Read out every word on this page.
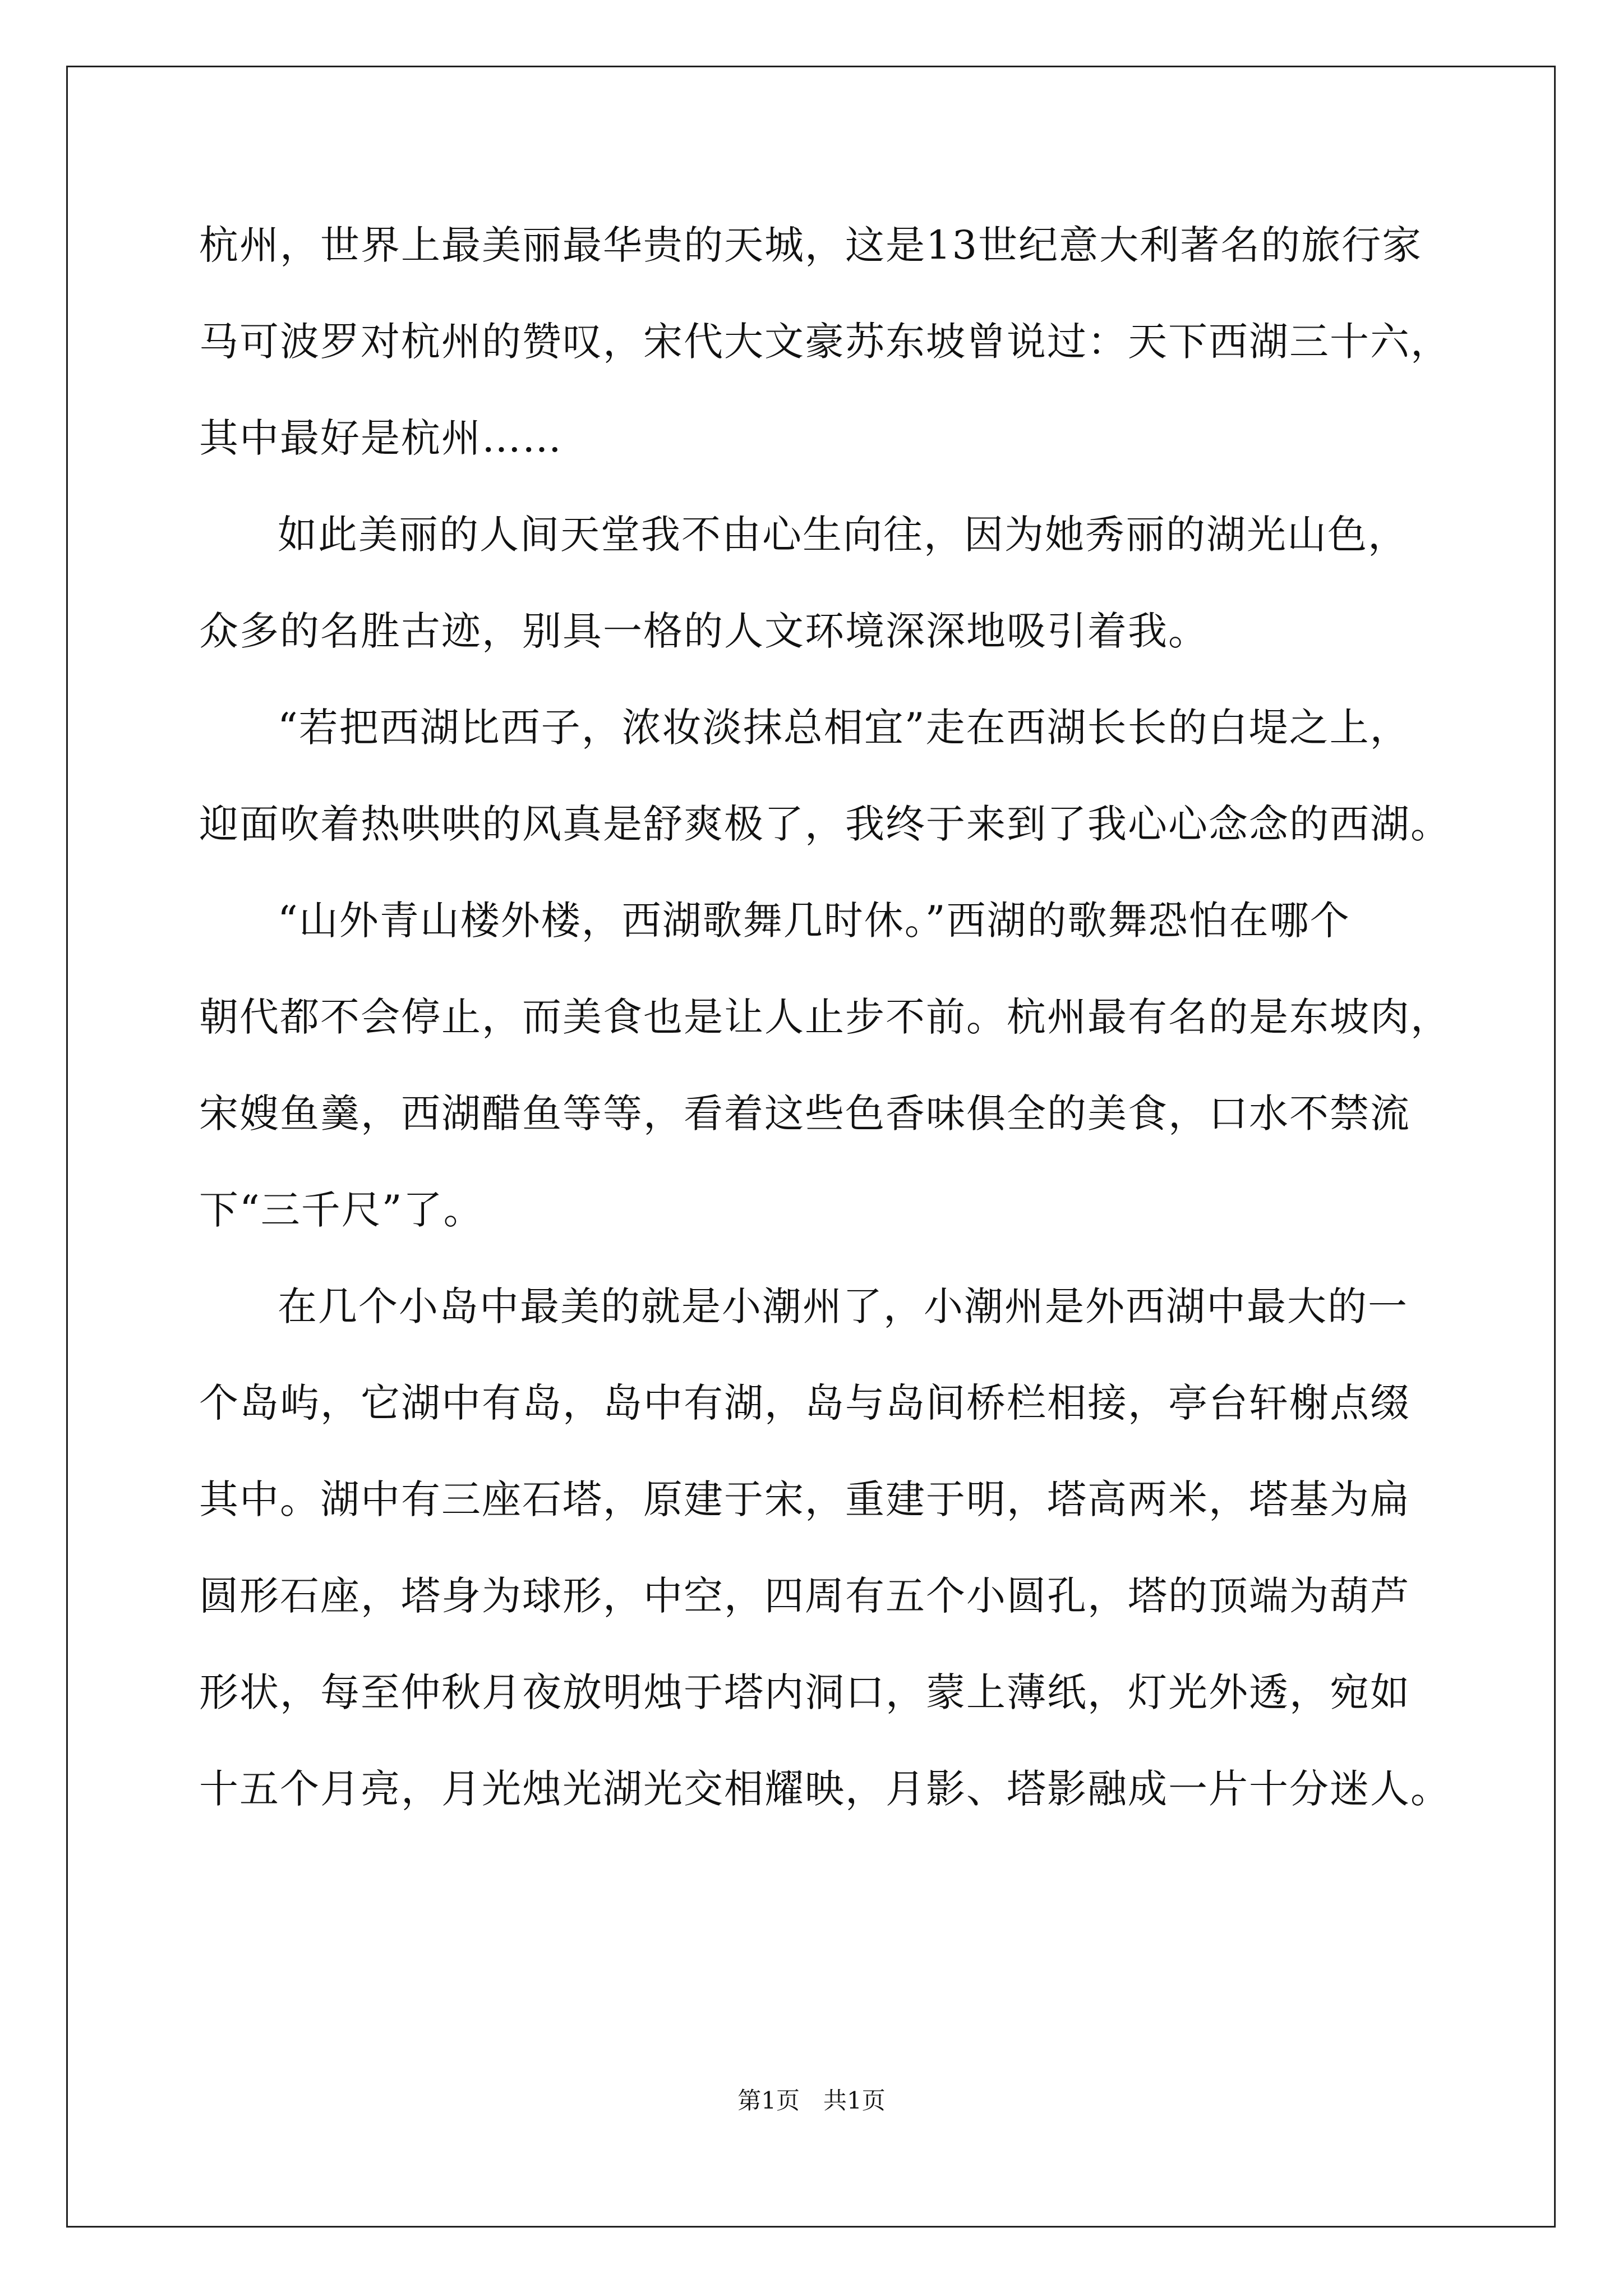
杭州，世界上最美丽最华贵的天城，这是13世纪意大利著名的旅行家
马可波罗对杭州的赞叹，宋代大文豪苏东坡曾说过：天下西湖三十六，
其中最好是杭州……
如此美丽的人间天堂我不由心生向往，因为她秀丽的湖光山色，
众多的名胜古迹，别具一格的人文环境深深地吸引着我。
“若把西湖比西子，浓妆淡抹总相宜”走在西湖长长的白堤之上，
迎面吹着热哄哄的风真是舒爽极了，我终于来到了我心心念念的西湖。
“山外青山楼外楼，西湖歌舞几时休。”西湖的歌舞恐怕在哪个
朝代都不会停止，而美食也是让人止步不前。杭州最有名的是东坡肉，
宋嫂鱼羹，西湖醋鱼等等，看着这些色香味俱全的美食，口水不禁流
下“三千尺”了。
在几个小岛中最美的就是小潮州了，小潮州是外西湖中最大的一
个岛屿，它湖中有岛，岛中有湖，岛与岛间桥栏相接，亭台轩榭点缀
其中。湖中有三座石塔，原建于宋，重建于明，塔高两米，塔基为扁
圆形石座，塔身为球形，中空，四周有五个小圆孔，塔的顶端为葫芦
形状，每至仲秋月夜放明烛于塔内洞口，蒙上薄纸，灯光外透，宛如
十五个月亮，月光烛光湖光交相耀映，月影、塔影融成一片十分迷人。
第1页　共1页
